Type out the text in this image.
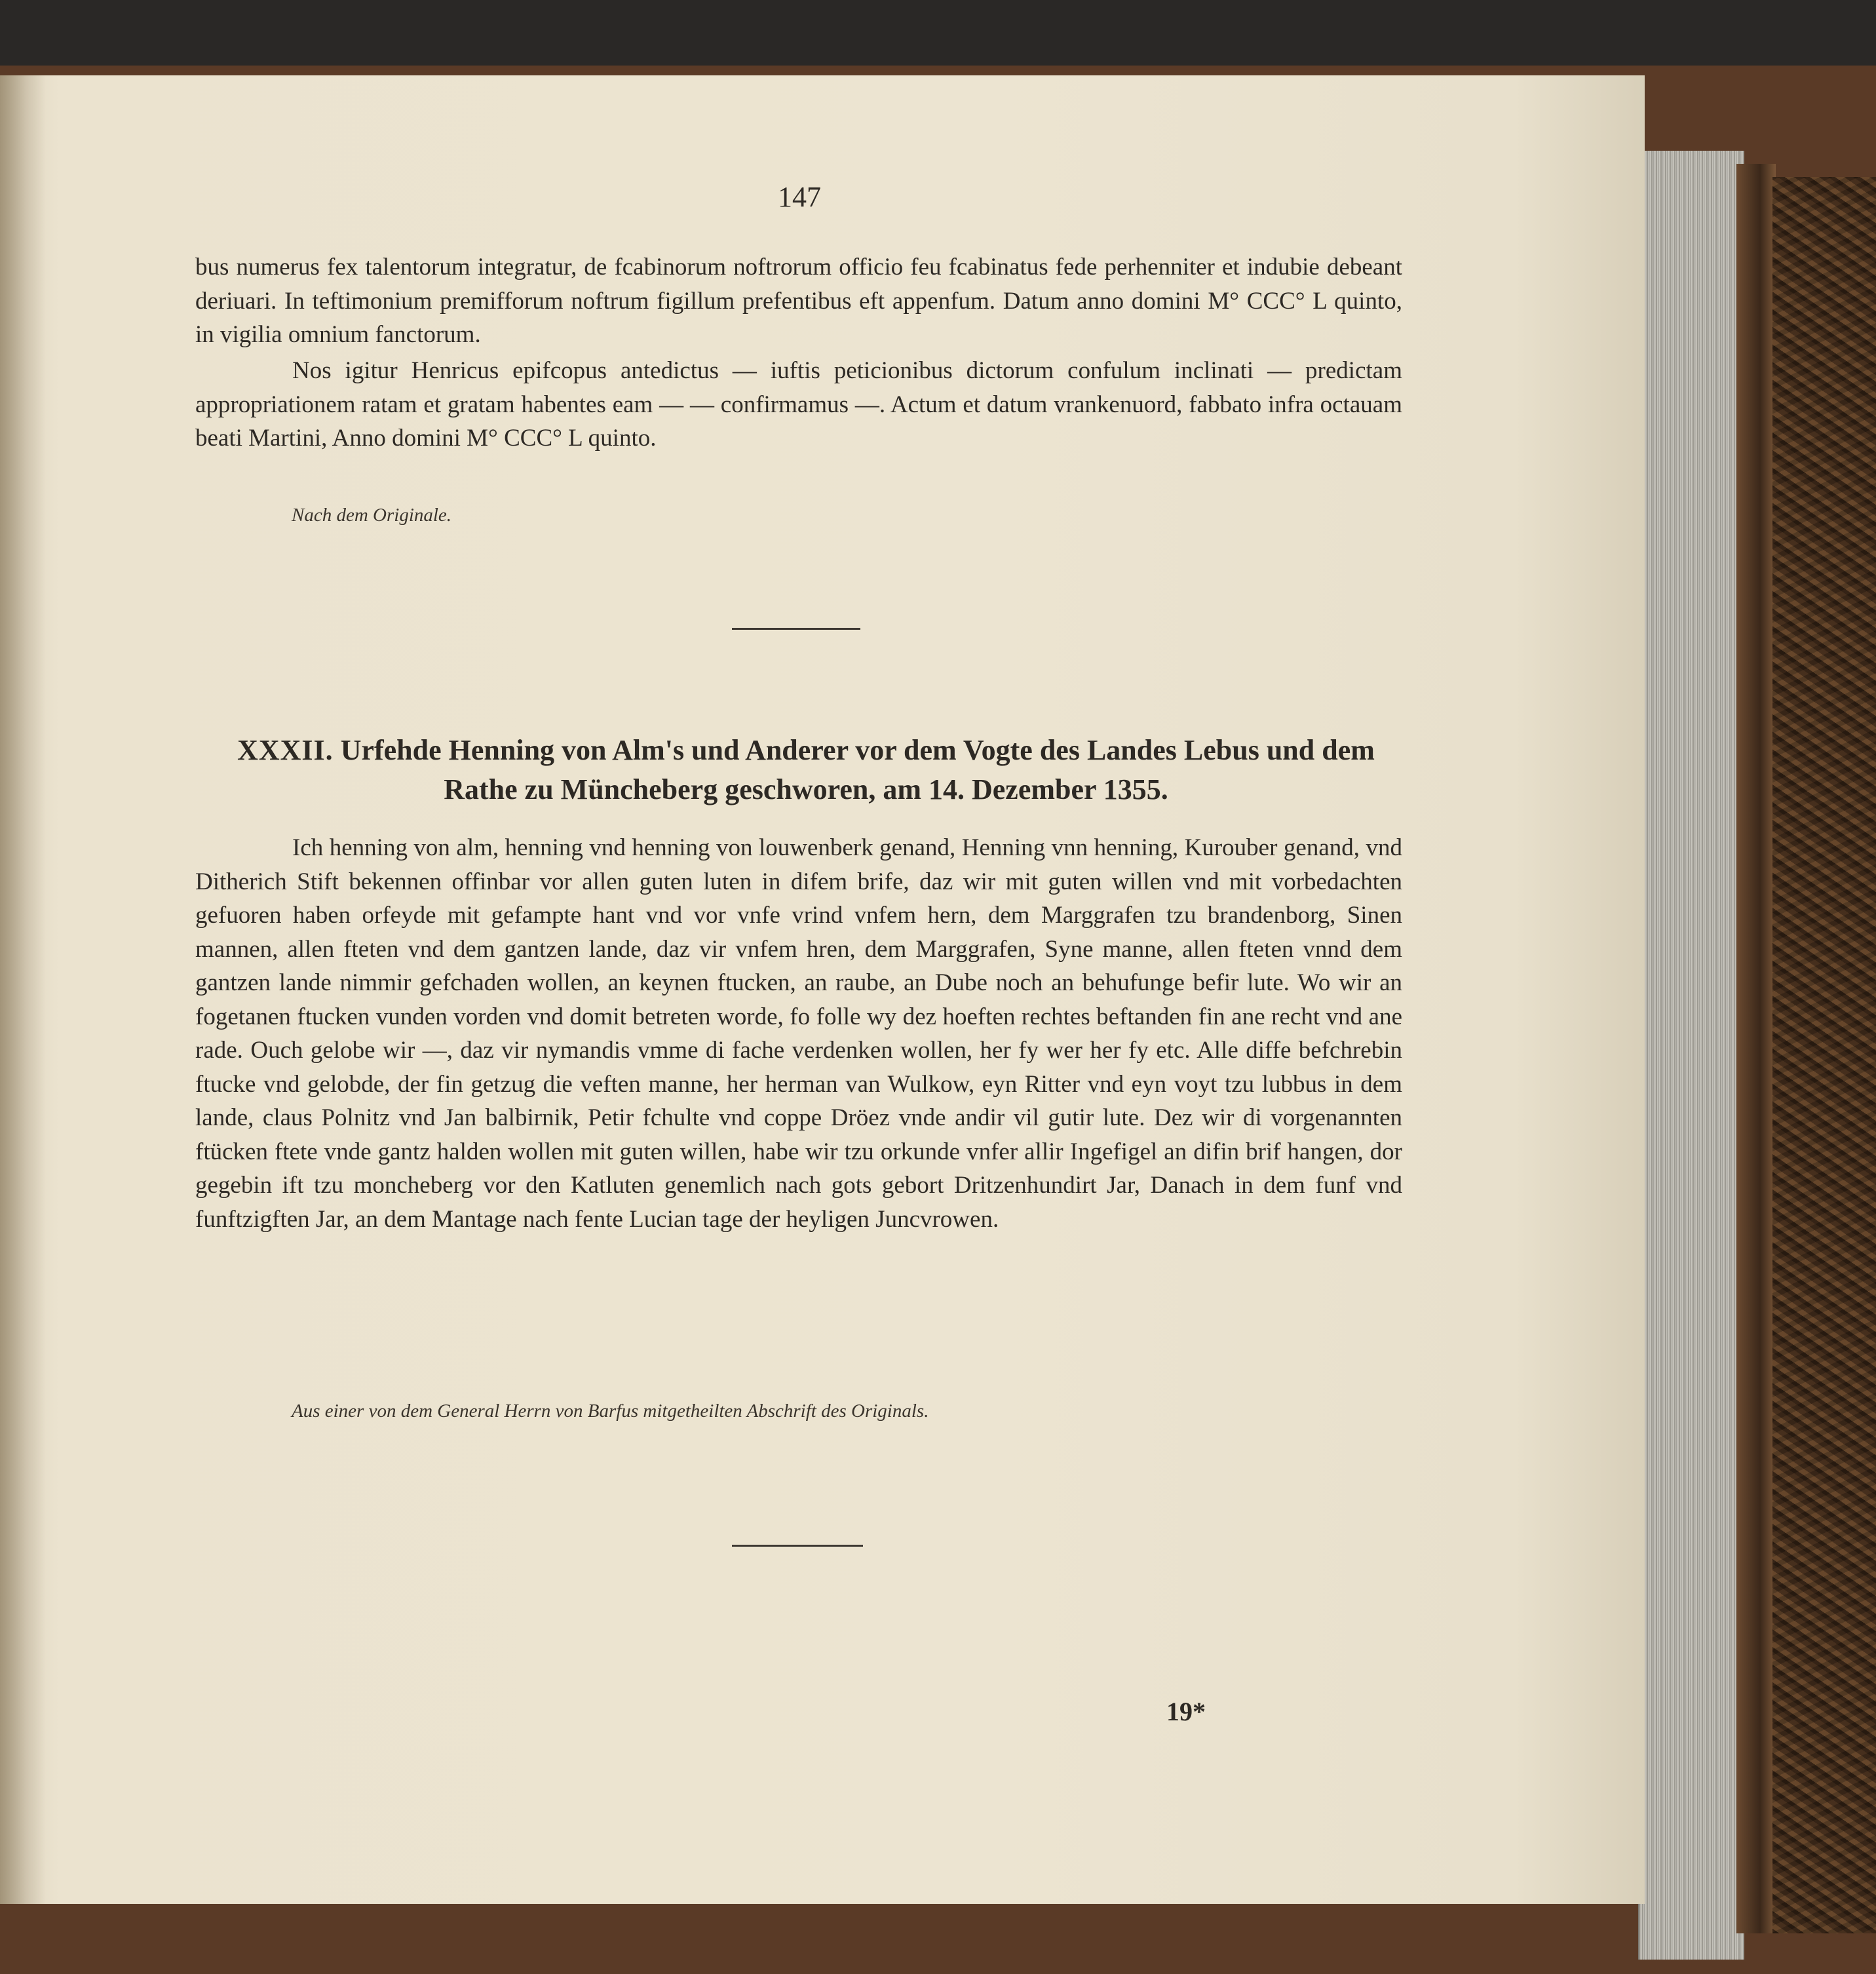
147

bus numerus fex talentorum integratur, de fcabinorum noftrorum officio feu fcabinatus fede perhenniter et indubie debeant deriuari. In teftimonium premifforum noftrum figillum prefentibus eft appenfum. Datum anno domini M° CCC° L quinto, in vigilia omnium fanctorum.

Nos igitur Henricus epifcopus antedictus — iuftis peticionibus dictorum confulum inclinati — predictam appropriationem ratam et gratam habentes eam — — confirmamus —. Actum et datum vrankenuord, fabbato infra octauam beati Martini, Anno domini M° CCC° L quinto.

Nach dem Originale.
XXXII. Urfehde Henning von Alm's und Anderer vor dem Vogte des Landes Lebus und dem Rathe zu Müncheberg geschworen, am 14. Dezember 1355.

Ich henning von alm, henning vnd henning von louwenberk genand, Henning vnn henning, Kurouber genand, vnd Ditherich Stift bekennen offinbar vor allen guten luten in difem brife, daz wir mit guten willen vnd mit vorbedachten gefuoren haben orfeyde mit gefampte hant vnd vor vnfe vrind vnfem hern, dem Marggrafen tzu brandenborg, Sinen mannen, allen fteten vnd dem gantzen lande, daz vir vnfem hren, dem Marggrafen, Syne manne, allen fteten vnnd dem gantzen lande nimmir gefchaden wollen, an keynen ftucken, an raube, an Dube noch an behufunge befir lute. Wo wir an fogetanen ftucken vunden vorden vnd domit betreten worde, fo folle wy dez hoeften rechtes beftanden fin ane recht vnd ane rade. Ouch gelobe wir —, daz vir nymandis vmme di fache verdenken wollen, her fy wer her fy etc. Alle diffe befchrebin ftucke vnd gelobde, der fin getzug die veften manne, her herman van Wulkow, eyn Ritter vnd eyn voyt tzu lubbus in dem lande, claus Polnitz vnd Jan balbirnik, Petir fchulte vnd coppe Dröez vnde andir vil gutir lute. Dez wir di vorgenannten ftücken ftete vnde gantz halden wollen mit guten willen, habe wir tzu orkunde vnfer allir Ingefigel an difin brif hangen, dor gegebin ift tzu moncheberg vor den Katluten genemlich nach gots gebort Dritzenhundirt Jar, Danach in dem funf vnd funftzigften Jar, an dem Mantage nach fente Lucian tage der heyligen Juncvrowen.

Aus einer von dem General Herrn von Barfus mitgetheilten Abschrift des Originals.
19*
